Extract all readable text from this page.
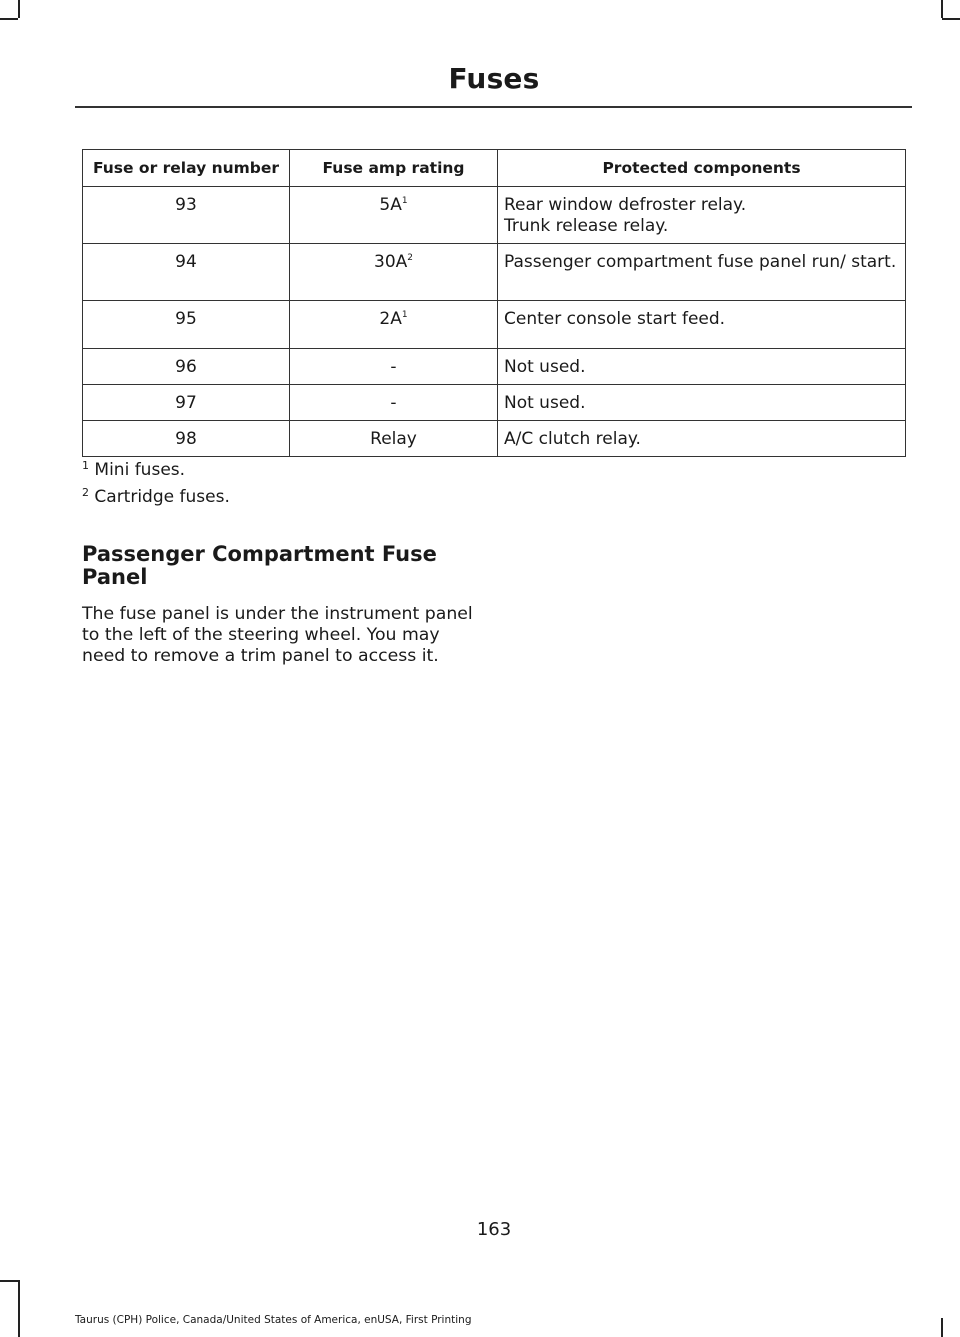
Fuses
Fuse or relay number	Fuse amp rating	Protected components
93	$5A^1$	Rear window defroster relay.
Trunk release relay.

94	$30A^2$	Passenger compartment fuse panel run/ start.

95	$2A^1$	Center console start feed.

96	-	Not used.

97	-	Not used.

98	Relay	A/C clutch relay.
$^1$ Mini fuses.
$^2$ Cartridge fuses.
Passenger Compartment Fuse Panel
The fuse panel is under the instrument panel to the left of the steering wheel. You may need to remove a trim panel to access it.
163
Taurus (CPH) Police, Canada/United States of America, enUSA, First Printing
